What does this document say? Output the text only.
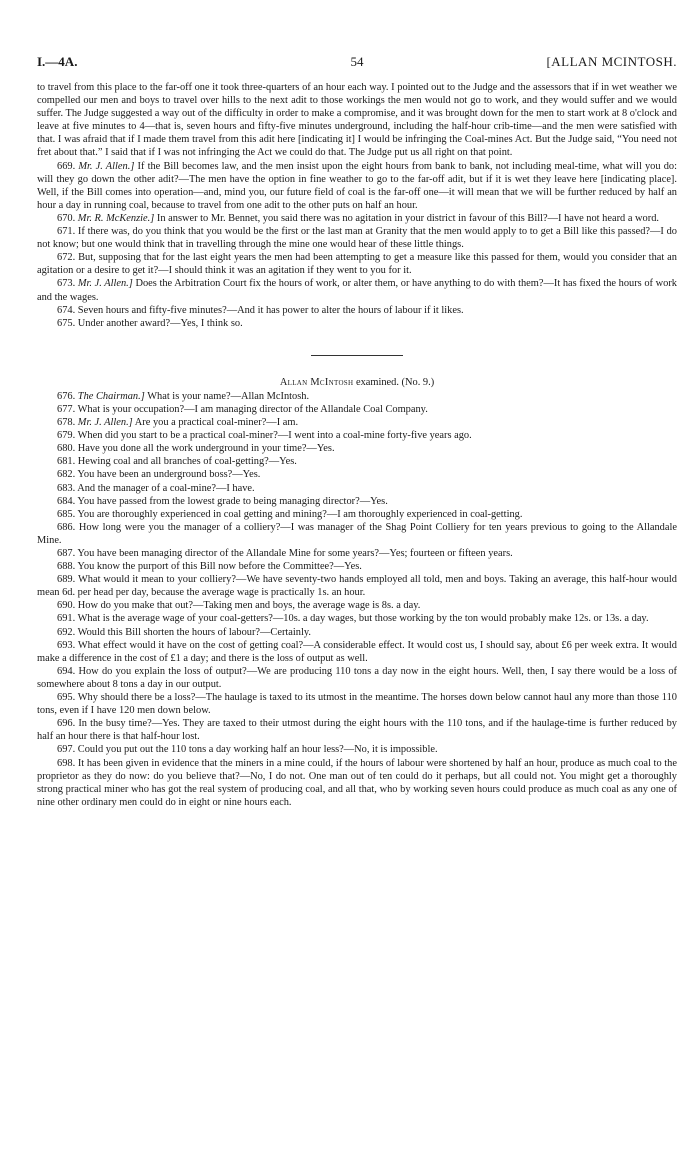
I.—4A.	54	[ALLAN MCINTOSH.

to travel from this place to the far-off one it took three-quarters of an hour each way. I pointed out to the Judge and the assessors that if in wet weather we compelled our men and boys to travel over hills to the next adit to those workings the men would not go to work, and they would suffer and we would suffer. The Judge suggested a way out of the difficulty in order to make a compromise, and it was brought down for the men to start work at 8 o'clock and leave at five minutes to 4—that is, seven hours and fifty-five minutes underground, including the half-hour crib-time—and the men were satisfied with that. I was afraid that if I made them travel from this adit here [indicating it] I would be infringing the Coal-mines Act. But the Judge said, “You need not fret about that.” I said that if I was not infringing the Act we could do that. The Judge put us all right on that point.

669. Mr. J. Allen.] If the Bill becomes law, and the men insist upon the eight hours from bank to bank, not including meal-time, what will you do: will they go down the other adit?—The men have the option in fine weather to go to the far-off adit, but if it is wet they leave here [indicating place]. Well, if the Bill comes into operation—and, mind you, our future field of coal is the far-off one—it will mean that we will be further reduced by half an hour a day in running coal, because to travel from one adit to the other puts on half an hour.

670. Mr. R. McKenzie.] In answer to Mr. Bennet, you said there was no agitation in your district in favour of this Bill?—I have not heard a word.

671. If there was, do you think that you would be the first or the last man at Granity that the men would apply to to get a Bill like this passed?—I do not know; but one would think that in travelling through the mine one would hear of these little things.

672. But, supposing that for the last eight years the men had been attempting to get a measure like this passed for them, would you consider that an agitation or a desire to get it?—I should think it was an agitation if they went to you for it.

673. Mr. J. Allen.] Does the Arbitration Court fix the hours of work, or alter them, or have anything to do with them?—It has fixed the hours of work and the wages.

674. Seven hours and fifty-five minutes?—And it has power to alter the hours of labour if it likes.

675. Under another award?—Yes, I think so.

Allan McIntosh examined. (No. 9.)

676. The Chairman.] What is your name?—Allan McIntosh.

677. What is your occupation?—I am managing director of the Allandale Coal Company.

678. Mr. J. Allen.] Are you a practical coal-miner?—I am.

679. When did you start to be a practical coal-miner?—I went into a coal-mine forty-five years ago.

680. Have you done all the work underground in your time?—Yes.

681. Hewing coal and all branches of coal-getting?—Yes.

682. You have been an underground boss?—Yes.

683. And the manager of a coal-mine?—I have.

684. You have passed from the lowest grade to being managing director?—Yes.

685. You are thoroughly experienced in coal getting and mining?—I am thoroughly experienced in coal-getting.

686. How long were you the manager of a colliery?—I was manager of the Shag Point Colliery for ten years previous to going to the Allandale Mine.

687. You have been managing director of the Allandale Mine for some years?—Yes; fourteen or fifteen years.

688. You know the purport of this Bill now before the Committee?—Yes.

689. What would it mean to your colliery?—We have seventy-two hands employed all told, men and boys. Taking an average, this half-hour would mean 6d. per head per day, because the average wage is practically 1s. an hour.

690. How do you make that out?—Taking men and boys, the average wage is 8s. a day.

691. What is the average wage of your coal-getters?—10s. a day wages, but those working by the ton would probably make 12s. or 13s. a day.

692. Would this Bill shorten the hours of labour?—Certainly.

693. What effect would it have on the cost of getting coal?—A considerable effect. It would cost us, I should say, about £6 per week extra. It would make a difference in the cost of £1 a day; and there is the loss of output as well.

694. How do you explain the loss of output?—We are producing 110 tons a day now in the eight hours. Well, then, I say there would be a loss of somewhere about 8 tons a day in our output.

695. Why should there be a loss?—The haulage is taxed to its utmost in the meantime. The horses down below cannot haul any more than those 110 tons, even if I have 120 men down below.

696. In the busy time?—Yes. They are taxed to their utmost during the eight hours with the 110 tons, and if the haulage-time is further reduced by half an hour there is that half-hour lost.

697. Could you put out the 110 tons a day working half an hour less?—No, it is impossible.

698. It has been given in evidence that the miners in a mine could, if the hours of labour were shortened by half an hour, produce as much coal to the proprietor as they do now: do you believe that?—No, I do not. One man out of ten could do it perhaps, but all could not. You might get a thoroughly strong practical miner who has got the real system of producing coal, and all that, who by working seven hours could produce as much coal as any one of nine other ordinary men could do in eight or nine hours each.
